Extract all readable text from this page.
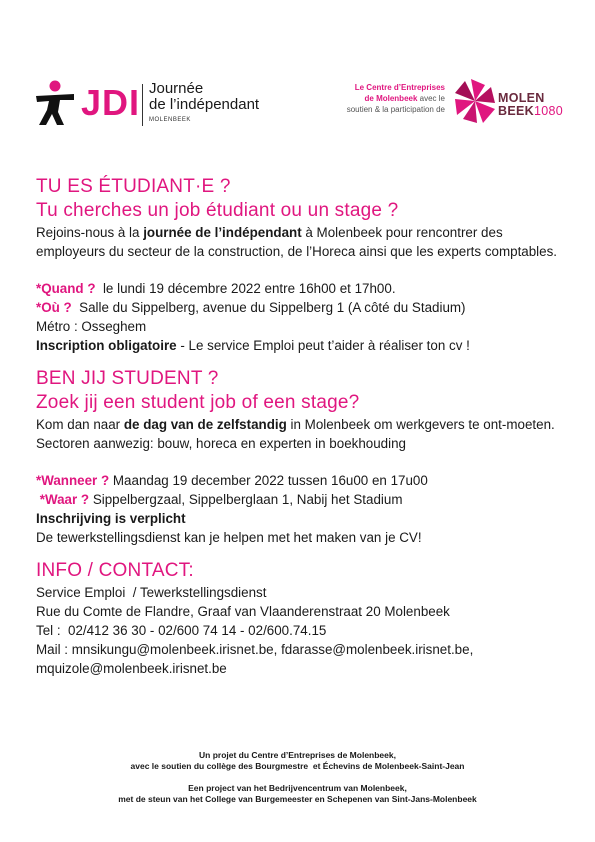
JDI Journée
de l’indépendant
MOLENBEEK
Le Centre d’Entreprises
de Molenbeek avec le
soutien & la participation de
MOLEN
BEEK1080
TU ES ÉTUDIANT·E ?
Tu cherches un job étudiant ou un stage ?

Rejoins-nous à la journée de l’indépendant à Molenbeek pour rencontrer des employeurs du secteur de la construction, de l’Horeca ainsi que les experts comptables.

*Quand ?  le lundi 19 décembre 2022 entre 16h00 et 17h00.

*Où ?  Salle du Sippelberg, avenue du Sippelberg 1 (A côté du Stadium)

Métro : Osseghem

Inscription obligatoire - Le service Emploi peut t’aider à réaliser ton cv !

BEN JIJ STUDENT ?
Zoek jij een student job of een stage?

Kom dan naar de dag van de zelfstandig in Molenbeek om werkgevers te ont-moeten. Sectoren aanwezig: bouw, horeca en experten in boekhouding

*Wanneer ? Maandag 19 december 2022 tussen 16u00 en 17u00

*Waar ? Sippelbergzaal, Sippelberglaan 1, Nabij het Stadium

Inschrijving is verplicht

De tewerkstellingsdienst kan je helpen met het maken van je CV!

INFO / CONTACT:

Service Emploi  / Tewerkstellingsdienst

Rue du Comte de Flandre, Graaf van Vlaanderenstraat 20 Molenbeek

Tel :  02/412 36 30 - 02/600 74 14 - 02/600.74.15

Mail : mnsikungu@molenbeek.irisnet.be, fdarasse@molenbeek.irisnet.be,

mquizole@molenbeek.irisnet.be

Un projet du Centre d’Entreprises de Molenbeek,
avec le soutien du collège des Bourgmestre  et Échevins de Molenbeek-Saint-Jean
Een project van het Bedrijvencentrum van Molenbeek,
met de steun van het College van Burgemeester en Schepenen van Sint-Jans-Molenbeek
